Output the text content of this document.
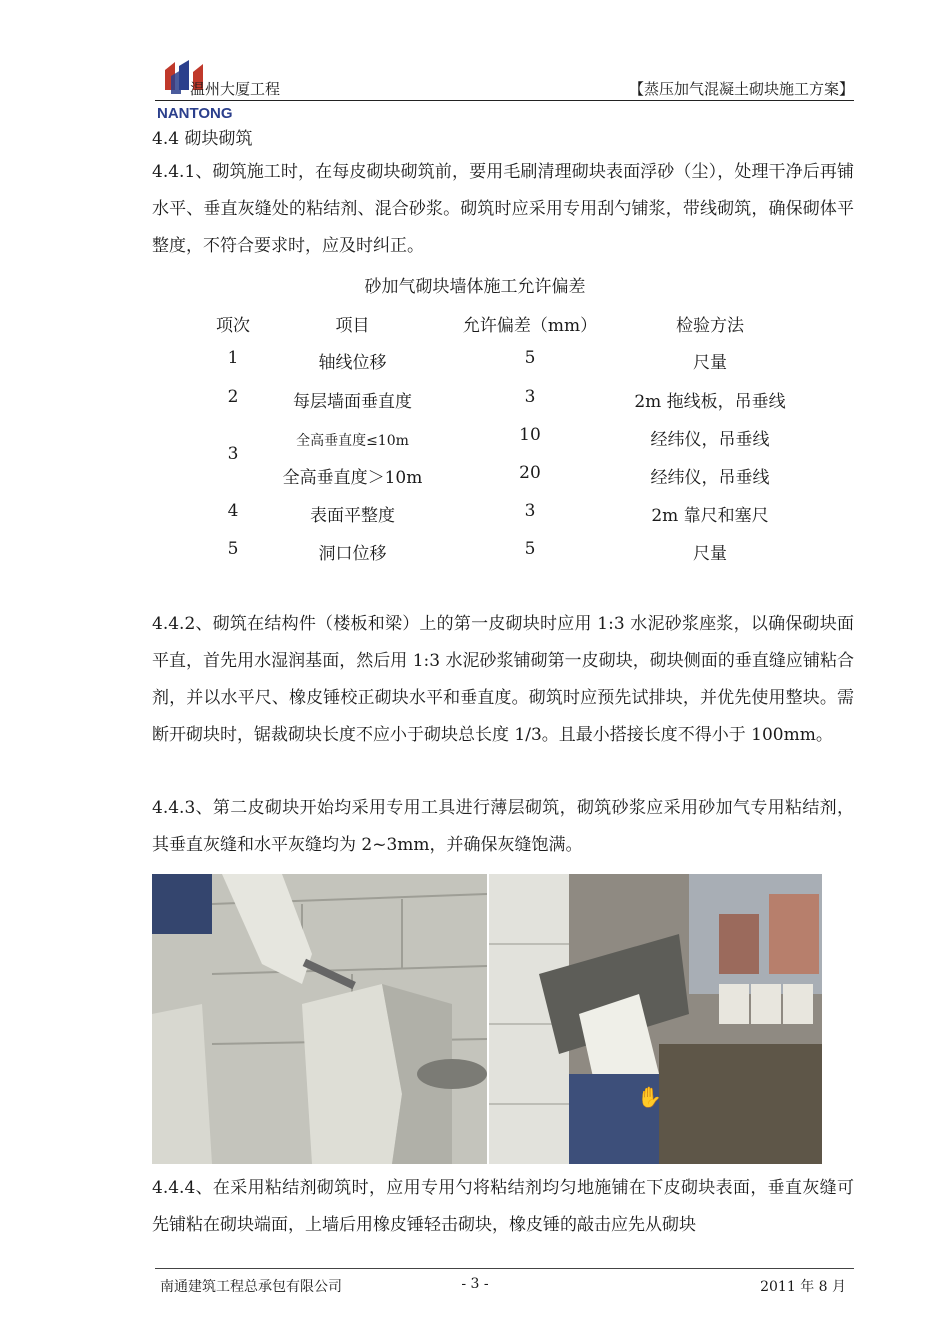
NANTONG
温州大厦工程	【蒸压加气混凝土砌块施工方案】
4.4 砌块砌筑
4.4.1、砌筑施工时，在每皮砌块砌筑前，要用毛刷清理砌块表面浮砂（尘），处理干净后再铺水平、垂直灰缝处的粘结剂、混合砂浆。砌筑时应采用专用刮勺铺浆，带线砌筑，确保砌体平整度，不符合要求时，应及时纠正。
砂加气砌块墙体施工允许偏差
项次	项目	允许偏差（mm）	检验方法
1	轴线位移	5	尺量
2	每层墙面垂直度	3	2m 拖线板，吊垂线
3
全高垂直度≤10m	10	经纬仪，吊垂线
全高垂直度＞10m	20	经纬仪，吊垂线
4	表面平整度	3	2m 靠尺和塞尺
5	洞口位移	5	尺量
4.4.2、砌筑在结构件（楼板和梁）上的第一皮砌块时应用 1:3 水泥砂浆座浆，以确保砌块面平直，首先用水湿润基面，然后用 1:3 水泥砂浆铺砌第一皮砌块，砌块侧面的垂直缝应铺粘合剂，并以水平尺、橡皮锤校正砌块水平和垂直度。砌筑时应预先试排块，并优先使用整块。需断开砌块时，锯裁砌块长度不应小于砌块总长度 1/3。且最小搭接长度不得小于 100mm。
4.4.3、第二皮砌块开始均采用专用工具进行薄层砌筑，砌筑砂浆应采用砂加气专用粘结剂，其垂直灰缝和水平灰缝均为 2~3mm，并确保灰缝饱满。
✋
4.4.4、在采用粘结剂砌筑时，应用专用勺将粘结剂均匀地施铺在下皮砌块表面，垂直灰缝可先铺粘在砌块端面，上墙后用橡皮锤轻击砌块，橡皮锤的敲击应先从砌块
南通建筑工程总承包有限公司	- 3 -	2011 年 8 月
